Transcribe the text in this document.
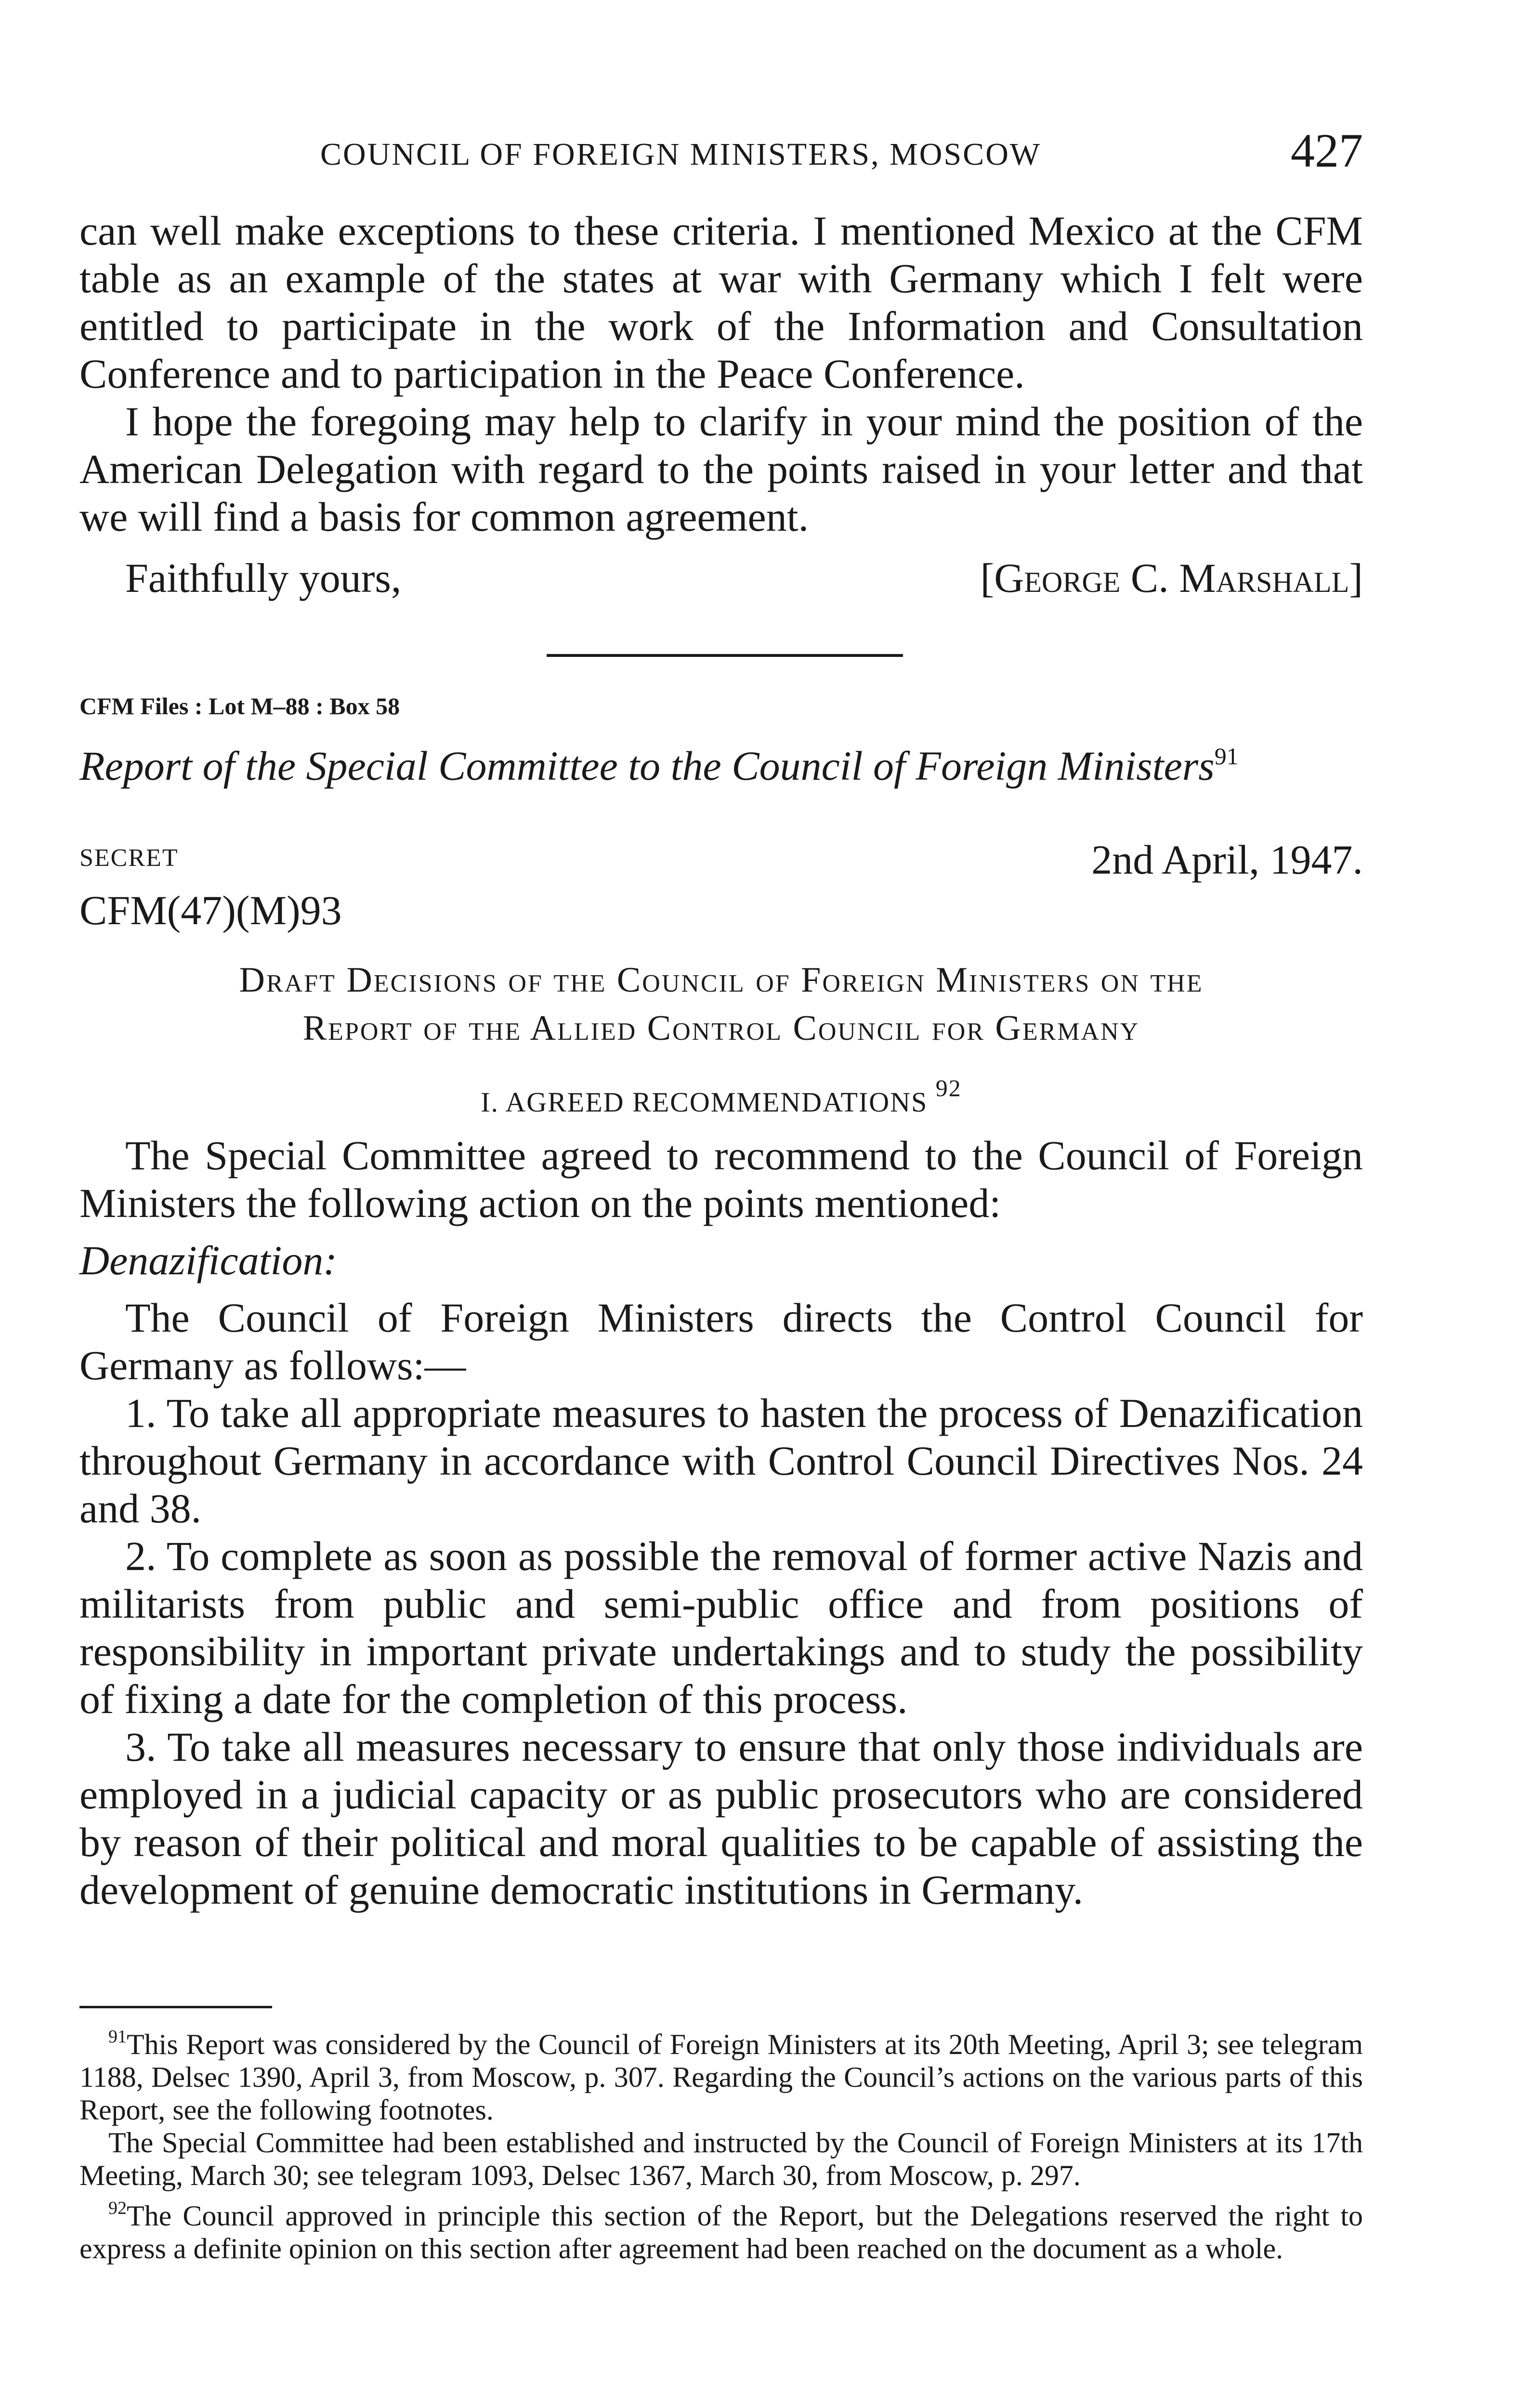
COUNCIL OF FOREIGN MINISTERS, MOSCOW	427

can well make exceptions to these criteria. I mentioned Mexico at the CFM table as an example of the states at war with Germany which I felt were entitled to participate in the work of the Information and Consultation Conference and to participation in the Peace Conference.

I hope the foregoing may help to clarify in your mind the position of the American Delegation with regard to the points raised in your letter and that we will find a basis for common agreement.

Faithfully yours,	[George C. Marshall]
CFM Files : Lot M–88 : Box 58
Report of the Special Committee to the Council of Foreign Ministers$^{91}$
SECRET	2nd April, 1947.
CFM(47)(M)93
Draft Decisions of the Council of Foreign Ministers on the
Report of the Allied Control Council for Germany
I. AGREED RECOMMENDATIONS $^{92}$

The Special Committee agreed to recommend to the Council of Foreign Ministers the following action on the points mentioned:

Denazification:

The Council of Foreign Ministers directs the Control Council for Germany as follows:—

1. To take all appropriate measures to hasten the process of Denazification throughout Germany in accordance with Control Council Directives Nos. 24 and 38.

2. To complete as soon as possible the removal of former active Nazis and militarists from public and semi-public office and from positions of responsibility in important private undertakings and to study the possibility of fixing a date for the completion of this process.

3. To take all measures necessary to ensure that only those individuals are employed in a judicial capacity or as public prosecutors who are considered by reason of their political and moral qualities to be capable of assisting the development of genuine democratic institutions in Germany.

$^{91}$This Report was considered by the Council of Foreign Ministers at its 20th Meeting, April 3; see telegram 1188, Delsec 1390, April 3, from Moscow, p. 307. Regarding the Council’s actions on the various parts of this Report, see the following footnotes.

The Special Committee had been established and instructed by the Council of Foreign Ministers at its 17th Meeting, March 30; see telegram 1093, Delsec 1367, March 30, from Moscow, p. 297.

$^{92}$The Council approved in principle this section of the Report, but the Delegations reserved the right to express a definite opinion on this section after agreement had been reached on the document as a whole.
